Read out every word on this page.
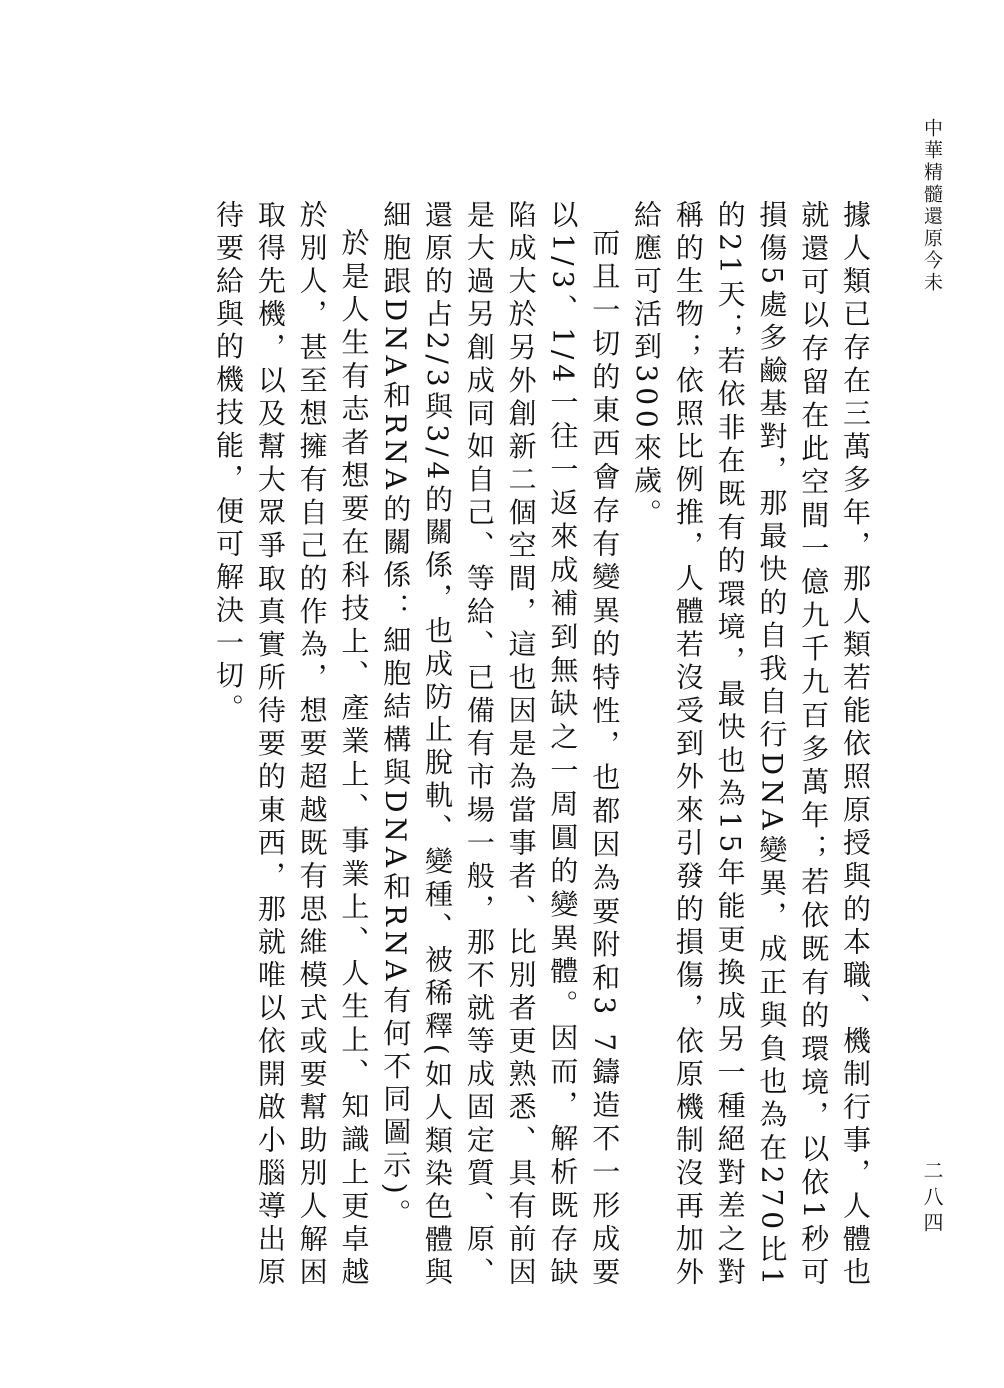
中華精髓還原今未
二八四

據人類已存在三萬多年，那人類若能依照原授與的本職、機制行事，人體也就還可以存留在此空間一億九千九百多萬年；若依既有的環境，以依1秒可損傷5處多鹼基對，那最快的自我自行DNA變異，成正與負也為在270比1的21天；若依非在既有的環境，最快也為15年能更換成另一種絕對差之對稱的生物；依照比例推，人體若沒受到外來引發的損傷，依原機制沒再加外給應可活到300來歲。

而且一切的東西會存有變異的特性，也都因為要附和3 7鑄造不一形成要以1/3、1/4一往一返來成補到無缺之一周圓的變異體。因而，解析既存缺陷成大於另外創新二個空間，這也因是為當事者、比別者更熟悉、具有前因是大過另創成同如自己、等給、已備有市場一般，那不就等成固定質、原、還原的占2/3與3/4的關係，也成防止脫軌、變種、被稀釋(如人類染色體與細胞跟DNA和RNA的關係：細胞結構與DNA和RNA有何不同圖示)。

於是人生有志者想要在科技上、產業上、事業上、人生上、知識上更卓越於別人，甚至想擁有自己的作為，想要超越既有思維模式或要幫助別人解困取得先機，以及幫大眾爭取真實所待要的東西，那就唯以依開啟小腦導出原待要給與的機技能，便可解決一切。
